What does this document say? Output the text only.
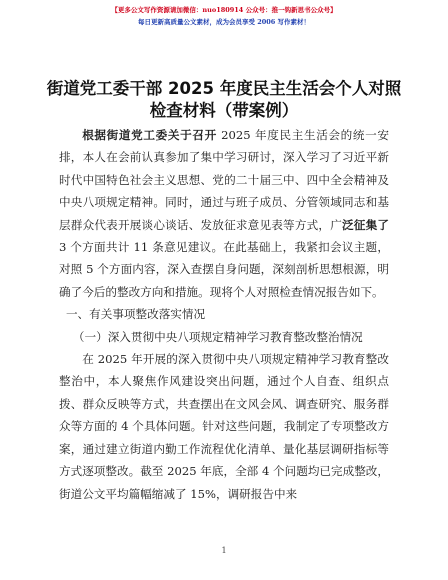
【更多公文写作资源请加微信：nuo180914 公众号：推一钩新思书公众号】
每日更新高质量公文素材，成为会员享受 2006 写作素材！
街道党工委干部 2025 年度民主生活会个人对照检查材料（带案例）

根据街道党工委关于召开 2025 年度民主生活会的统一安排，本人在会前认真参加了集中学习研讨，深入学习了习近平新时代中国特色社会主义思想、党的二十届三中、四中全会精神及中央八项规定精神。同时，通过与班子成员、分管领域同志和基层群众代表开展谈心谈话、发放征求意见表等方式，广泛征集了 3 个方面共计 11 条意见建议。在此基础上，我紧扣会议主题，对照 5 个方面内容，深入查摆自身问题，深刻剖析思想根源，明确了今后的整改方向和措施。现将个人对照检查情况报告如下。

一、有关事项整改落实情况

（一）深入贯彻中央八项规定精神学习教育整改整治情况

在 2025 年开展的深入贯彻中央八项规定精神学习教育整改整治中，本人聚焦作风建设突出问题，通过个人自查、组织点拨、群众反映等方式，共查摆出在文风会风、调查研究、服务群众等方面的 4 个具体问题。针对这些问题，我制定了专项整改方案，通过建立街道内勤工作流程优化清单、量化基层调研指标等方式逐项整改。截至 2025 年底，全部 4 个问题均已完成整改，街道公文平均篇幅缩减了 15%，调研报告中来

1
